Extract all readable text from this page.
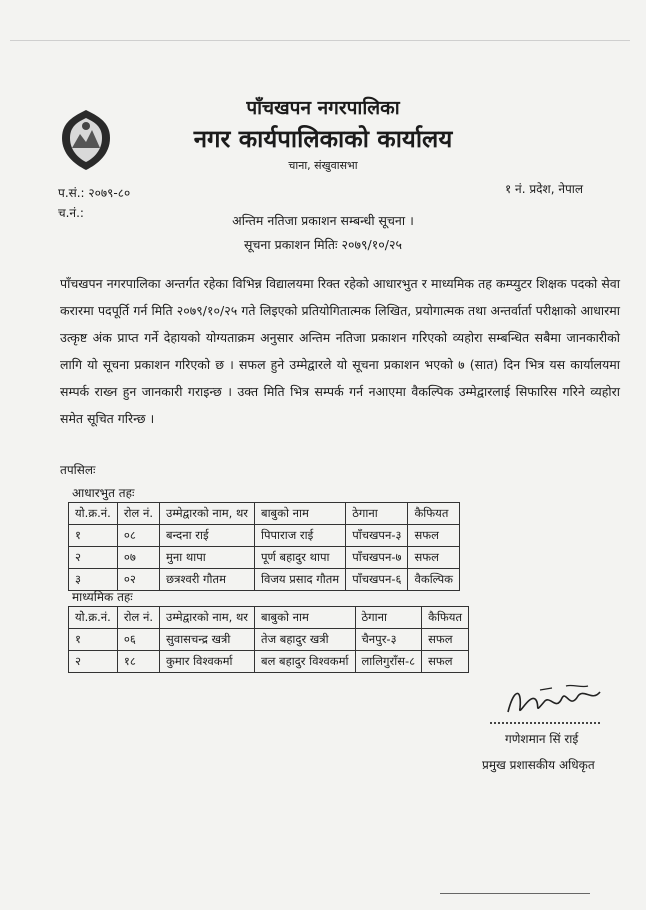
पाँचखपन नगरपालिका
नगर कार्यपालिकाको कार्यालय
चाना, संखुवासभा
प.सं.: २०७९-८०
च.नं.:
१ नं. प्रदेश, नेपाल
अन्तिम नतिजा प्रकाशन सम्बन्धी सूचना ।
सूचना प्रकाशन मितिः २०७९/१०/२५
पाँचखपन नगरपालिका अन्तर्गत रहेका विभिन्न विद्यालयमा रिक्त रहेको आधारभुत र माध्यमिक तह कम्प्युटर शिक्षक पदको सेवा करारमा पदपूर्ति गर्न मिति २०७९/१०/२५ गते लिइएको प्रतियोगितात्मक लिखित, प्रयोगात्मक तथा अन्तर्वार्ता परीक्षाको आधारमा उत्कृष्ट अंक प्राप्त गर्ने देहायको योग्यताक्रम अनुसार अन्तिम नतिजा प्रकाशन गरिएको व्यहोरा सम्बन्धित सबैमा जानकारीको लागि यो सूचना प्रकाशन गरिएको छ । सफल हुने उम्मेद्वारले यो सूचना प्रकाशन भएको ७ (सात) दिन भित्र यस कार्यालयमा सम्पर्क राख्न हुन जानकारी गराइन्छ । उक्त मिति भित्र सम्पर्क गर्न नआएमा वैकल्पिक उम्मेद्वारलाई सिफारिस गरिने व्यहोरा समेत सूचित गरिन्छ ।
तपसिलः
आधारभुत तहः
योे.क्र.नं.	रोल नं.	उम्मेद्वारको नाम, थर	बाबुको नाम	ठेगाना	कैफियत
१	०८	बन्दना राई	पिपाराज राई	पाँचखपन-३	सफल
२	०७	मुना थापा	पूर्ण बहादुर थापा	पाँचखपन-७	सफल
३	०२	छत्रश्वरी गौतम	विजय प्रसाद गौतम	पाँचखपन-६	वैकल्पिक
माध्यमिक तहः
योे.क्र.नं.	रोल नं.	उम्मेद्वारको नाम, थर	बाबुको नाम	ठेगाना	कैफियत
१	०६	सुवासचन्द्र खत्री	तेज बहादुर खत्री	चैनपुर-३	सफल
२	१८	कुमार विश्वकर्मा	बल बहादुर विश्वकर्मा	लालिगुराँस-८	सफल
गणेशमान सिं राई
प्रमुख प्रशासकीय अधिकृत
